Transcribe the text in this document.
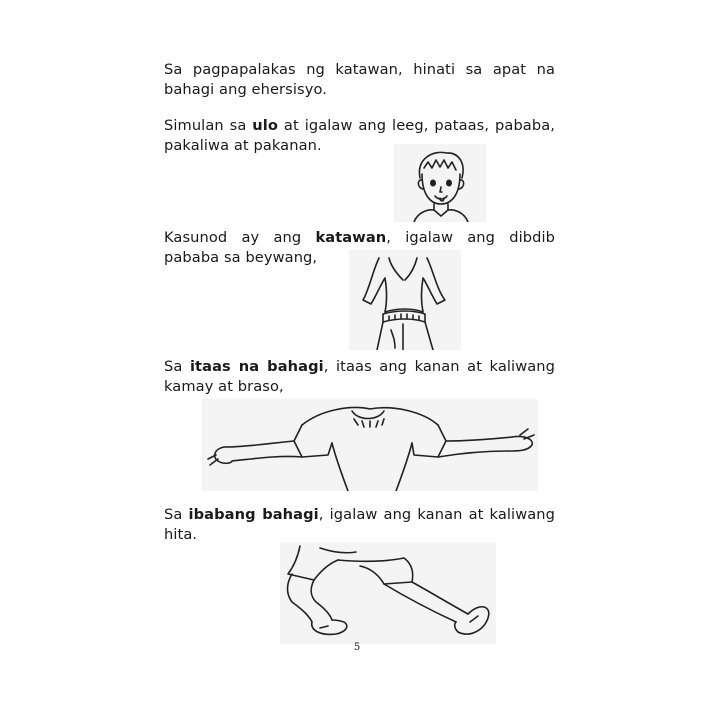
Sa pagpapalakas ng katawan, hinati sa apat na bahagi ang ehersisyo.
Simulan sa ulo at igalaw ang leeg, pataas, pababa, pakaliwa at pakanan.
Kasunod ay ang katawan, igalaw ang dibdib pababa sa beywang,
Sa itaas na bahagi, itaas ang kanan at kaliwang kamay at braso,
Sa ibabang bahagi, igalaw ang kanan at kaliwang hita.
5
